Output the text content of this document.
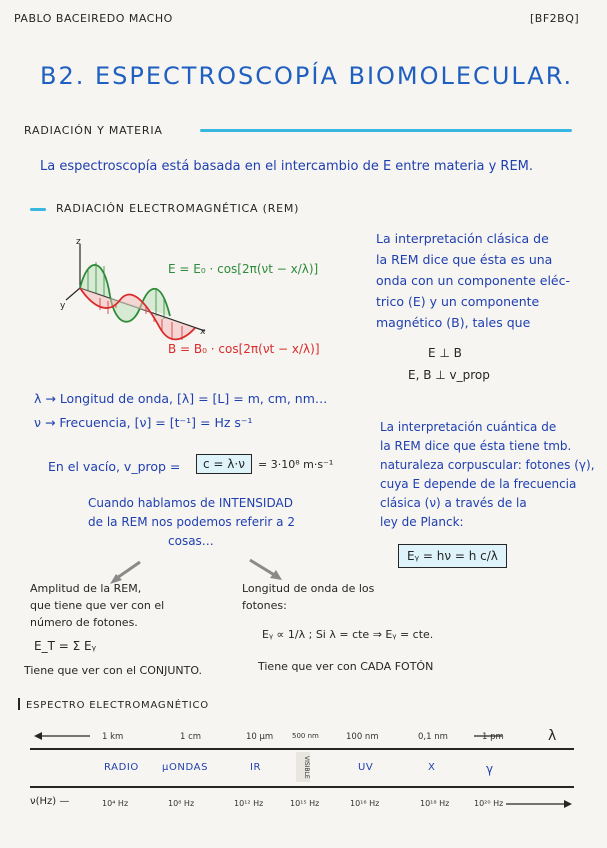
PABLO BACEIREDO MACHO	[BF2BQ]
B2. ESPECTROSCOPÍA BIOMOLECULAR.
RADIACIÓN Y MATERIA
La espectroscopía está basada en el intercambio de E entre materia y REM.
RADIACIÓN ELECTROMAGNÉTICA (REM)
z
y
x
E = E₀ · cos[2π(νt − x/λ)]
B = B₀ · cos[2π(νt − x/λ)]
La interpretación clásica de
la REM dice que ésta es una
onda con un componente eléc-
trico (E) y un componente
magnético (B), tales que
E ⊥ B
E, B ⊥ v_prop
λ → Longitud de onda, [λ] = [L] = m, cm, nm…
ν → Frecuencia, [ν] = [t⁻¹] = Hz s⁻¹
En el vacío, v_prop =	c = λ·ν	= 3·10⁸ m·s⁻¹
La interpretación cuántica de
la REM dice que ésta tiene tmb.
naturaleza corpuscular: fotones (γ),
cuya E depende de la frecuencia
clásica (ν) a través de la
ley de Planck:
Eᵧ = hν = h c/λ
Cuando hablamos de INTENSIDAD
de la REM nos podemos referir a 2
cosas…
Amplitud de la REM,
que tiene que ver con el
número de fotones.
E_T = Σ Eᵧ
Tiene que ver con el CONJUNTO.
Longitud de onda de los
fotones:
Eᵧ ∝ 1/λ ; Si λ = cte ⇒ Eᵧ = cte.
Tiene que ver con CADA FOTÓN
ESPECTRO ELECTROMAGNÉTICO
λ
1 km	1 cm	10 µm	500 nm	100 nm	0,1 nm	1 pm
RADIO µONDAS	IR	VISIBLE	UV	X	γ
ν(Hz) —	10⁴ Hz	10⁸ Hz	10¹² Hz	10¹⁵ Hz	10¹⁶ Hz	10¹⁸ Hz	10²⁰ Hz
